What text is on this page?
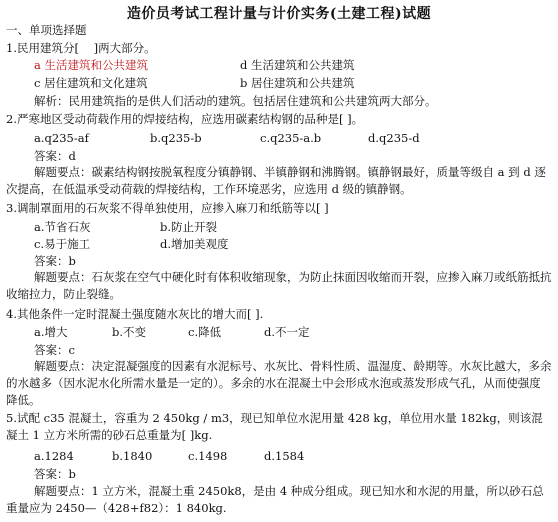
造价员考试工程计量与计价实务(土建工程)试题
一、单项选择题
1.民用建筑分[ ]两大部分。
a 生活建筑和公共建筑	d 生活建筑和公共建筑
c 居住建筑和文化建筑	b 居住建筑和公共建筑
解析：民用建筑指的是供人们活动的建筑。包括居住建筑和公共建筑两大部分。
2.严寒地区受动荷载作用的焊接结构，应选用碳素结构钢的品种是[ ]。
a.q235-af	b.q235-b	c.q235-a.b	d.q235-d
答案：d
解题要点：碳素结构钢按脱氧程度分镇静钢、半镇静钢和沸腾钢。镇静钢最好，质量等级自 a 到 d 逐次提高，在低温承受动荷载的焊接结构，工作环境恶劣，应选用 d 级的镇静钢。
3.调制罩面用的石灰浆不得单独使用，应掺入麻刀和纸筋等以[ ]
a.节省石灰	b.防止开裂
c.易于施工	d.增加美观度
答案：b
解题要点：石灰浆在空气中硬化时有体积收缩现象，为防止抹面因收缩而开裂，应掺入麻刀或纸筋抵抗收缩拉力，防止裂缝。
4.其他条件一定时混凝土强度随水灰比的增大而[ ].
a.增大	b.不变	c.降低	d.不一定
答案：c
解题要点：决定混凝强度的因素有水泥标号、水灰比、骨料性质、温湿度、龄期等。水灰比越大，多余的水越多（因水泥水化所需水量是一定的）。多余的水在混凝土中会形成水泡或蒸发形成气孔，从而使强度降低。
5.试配 c35 混凝土，容重为 2 450kg / m3，现已知单位水泥用量 428 kg，单位用水量 182kg，则该混凝土 1 立方米所需的砂石总重量为[ ]kg.
a.1284	b.1840	c.1498	d.1584
答案：b
解题要点：1 立方米，混凝土重 2450k8，是由 4 种成分组成。现已知水和水泥的用量，所以砂石总重量应为 2450—（428+f82）：1 840kg.
